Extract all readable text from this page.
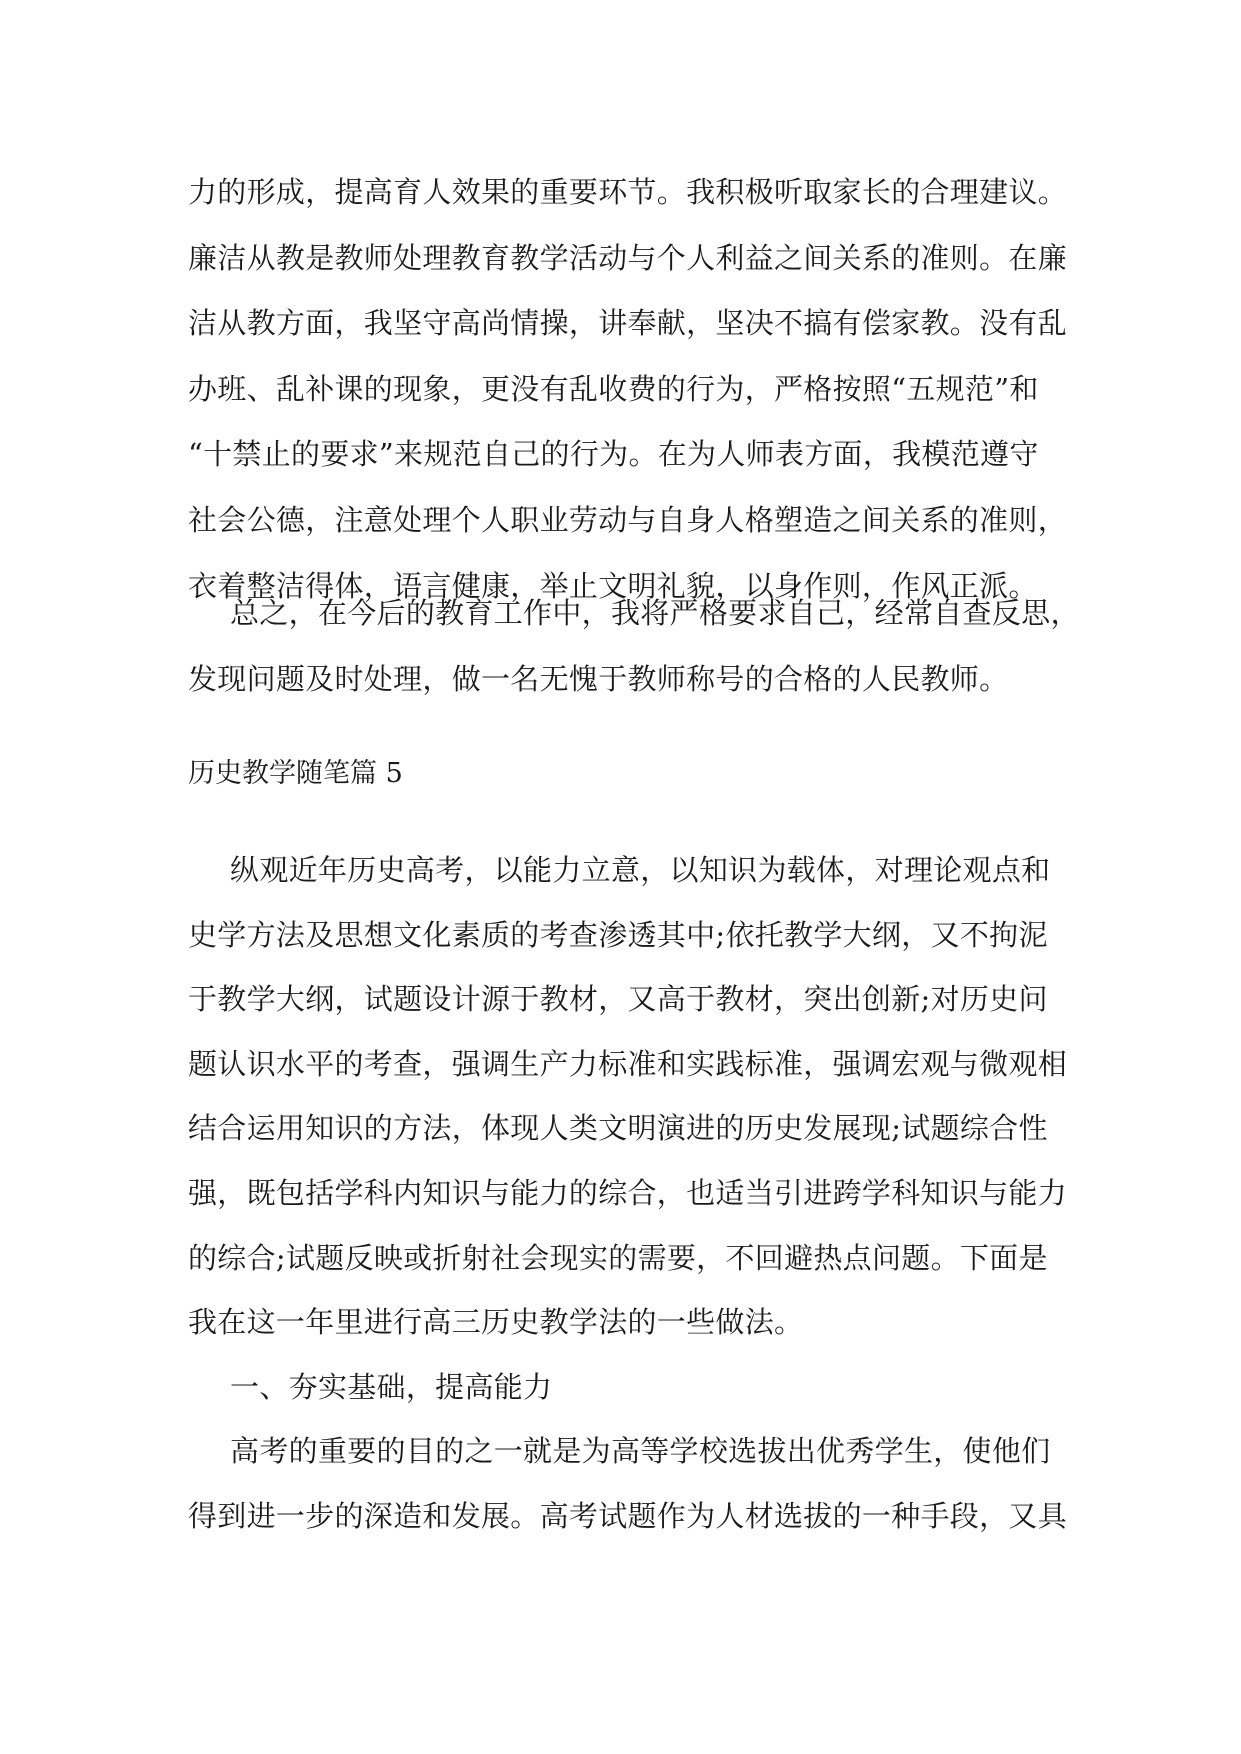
力的形成，提高育人效果的重要环节。我积极听取家长的合理建议。
廉洁从教是教师处理教育教学活动与个人利益之间关系的准则。在廉
洁从教方面，我坚守高尚情操，讲奉献，坚决不搞有偿家教。没有乱
办班、乱补课的现象，更没有乱收费的行为，严格按照“五规范”和
“十禁止的要求”来规范自己的行为。在为人师表方面，我模范遵守
社会公德，注意处理个人职业劳动与自身人格塑造之间关系的准则，
衣着整洁得体，语言健康，举止文明礼貌，以身作则，作风正派。
总之，在今后的教育工作中，我将严格要求自己，经常自查反思，
发现问题及时处理，做一名无愧于教师称号的合格的人民教师。
历史教学随笔篇 5
纵观近年历史高考，以能力立意，以知识为载体，对理论观点和
史学方法及思想文化素质的考查渗透其中;依托教学大纲，又不拘泥
于教学大纲，试题设计源于教材，又高于教材，突出创新;对历史问
题认识水平的考查，强调生产力标准和实践标准，强调宏观与微观相
结合运用知识的方法，体现人类文明演进的历史发展现;试题综合性
强，既包括学科内知识与能力的综合，也适当引进跨学科知识与能力
的综合;试题反映或折射社会现实的需要，不回避热点问题。下面是
我在这一年里进行高三历史教学法的一些做法。
一、夯实基础，提高能力
高考的重要的目的之一就是为高等学校选拔出优秀学生，使他们
得到进一步的深造和发展。高考试题作为人材选拔的一种手段，又具
